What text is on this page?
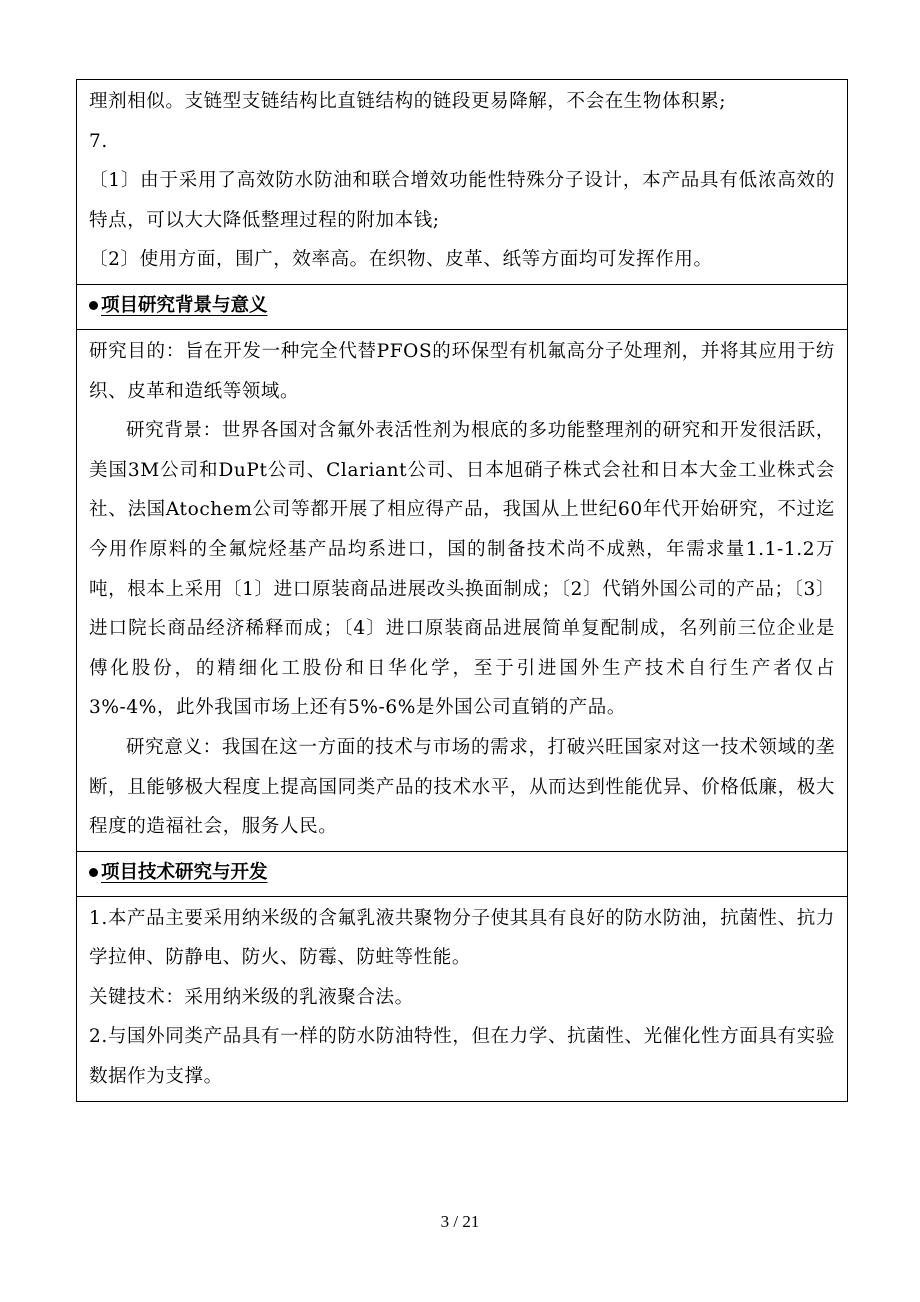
理剂相似。支链型支链结构比直链结构的链段更易降解，不会在生物体积累;

7.

〔1〕由于采用了高效防水防油和联合增效功能性特殊分子设计，本产品具有低浓高效的特点，可以大大降低整理过程的附加本钱;

〔2〕使用方面，围广，效率高。在织物、皮革、纸等方面均可发挥作用。

项目研究背景与意义

研究目的：旨在开发一种完全代替PFOS的环保型有机氟高分子处理剂，并将其应用于纺织、皮革和造纸等领域。

研究背景：世界各国对含氟外表活性剂为根底的多功能整理剂的研究和开发很活跃，美国3M公司和DuPt公司、Clariant公司、日本旭硝子株式会社和日本大金工业株式会社、法国Atochem公司等都开展了相应得产品，我国从上世纪60年代开始研究，不过迄今用作原料的全氟烷烃基产品均系进口，国的制备技术尚不成熟，年需求量1.1-1.2万吨，根本上采用〔1〕进口原装商品进展改头换面制成；〔2〕代销外国公司的产品；〔3〕进口院长商品经济稀释而成；〔4〕进口原装商品进展简单复配制成，名列前三位企业是傅化股份，的精细化工股份和日华化学，至于引进国外生产技术自行生产者仅占3%-4%，此外我国市场上还有5%-6%是外国公司直销的产品。

研究意义：我国在这一方面的技术与市场的需求，打破兴旺国家对这一技术领域的垄断，且能够极大程度上提高国同类产品的技术水平，从而达到性能优异、价格低廉，极大程度的造福社会，服务人民。

项目技术研究与开发

1.本产品主要采用纳米级的含氟乳液共聚物分子使其具有良好的防水防油，抗菌性、抗力学拉伸、防静电、防火、防霉、防蛀等性能。

关键技术：采用纳米级的乳液聚合法。

2.与国外同类产品具有一样的防水防油特性，但在力学、抗菌性、光催化性方面具有实验数据作为支撑。

3 / 21
